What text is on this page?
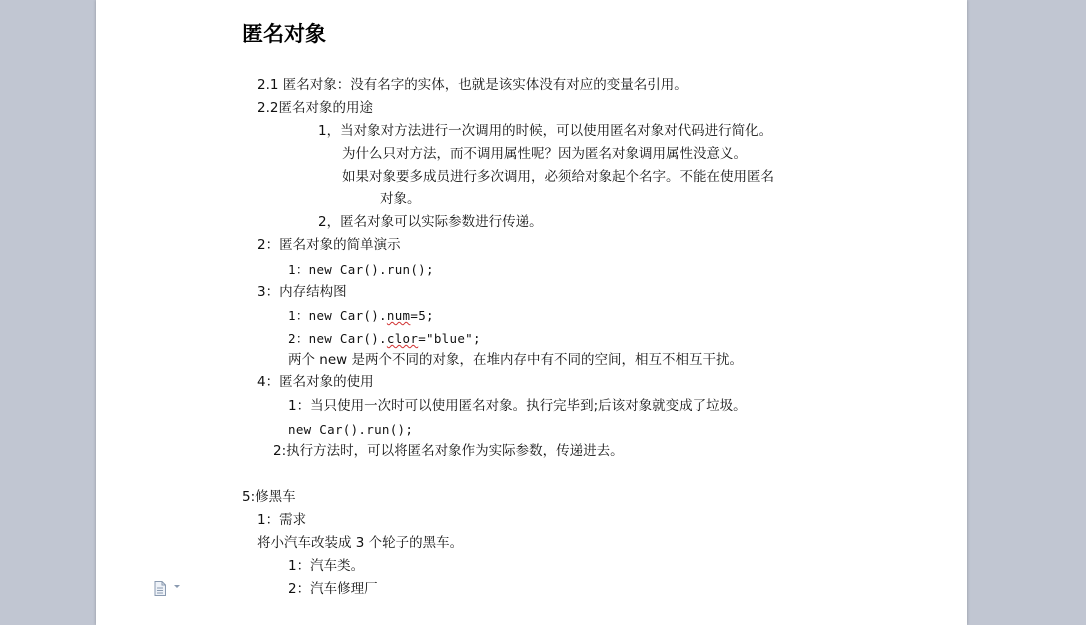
匿名对象
2.1 匿名对象：没有名字的实体，也就是该实体没有对应的变量名引用。
2.2匿名对象的用途
1，当对象对方法进行一次调用的时候，可以使用匿名对象对代码进行简化。
为什么只对方法，而不调用属性呢？因为匿名对象调用属性没意义。
如果对象要多成员进行多次调用，必须给对象起个名字。不能在使用匿名
对象。
2，匿名对象可以实际参数进行传递。
2：匿名对象的简单演示
1：new Car().run();
3：内存结构图
1：new Car().num=5;
2：new Car().clor="blue";
两个 new 是两个不同的对象，在堆内存中有不同的空间，相互不相互干扰。
4：匿名对象的使用
1：当只使用一次时可以使用匿名对象。执行完毕到;后该对象就变成了垃圾。
new Car().run();
2:执行方法时，可以将匿名对象作为实际参数，传递进去。
5:修黑车
1：需求
将小汽车改装成 3 个轮子的黑车。
1：汽车类。
2：汽车修理厂
